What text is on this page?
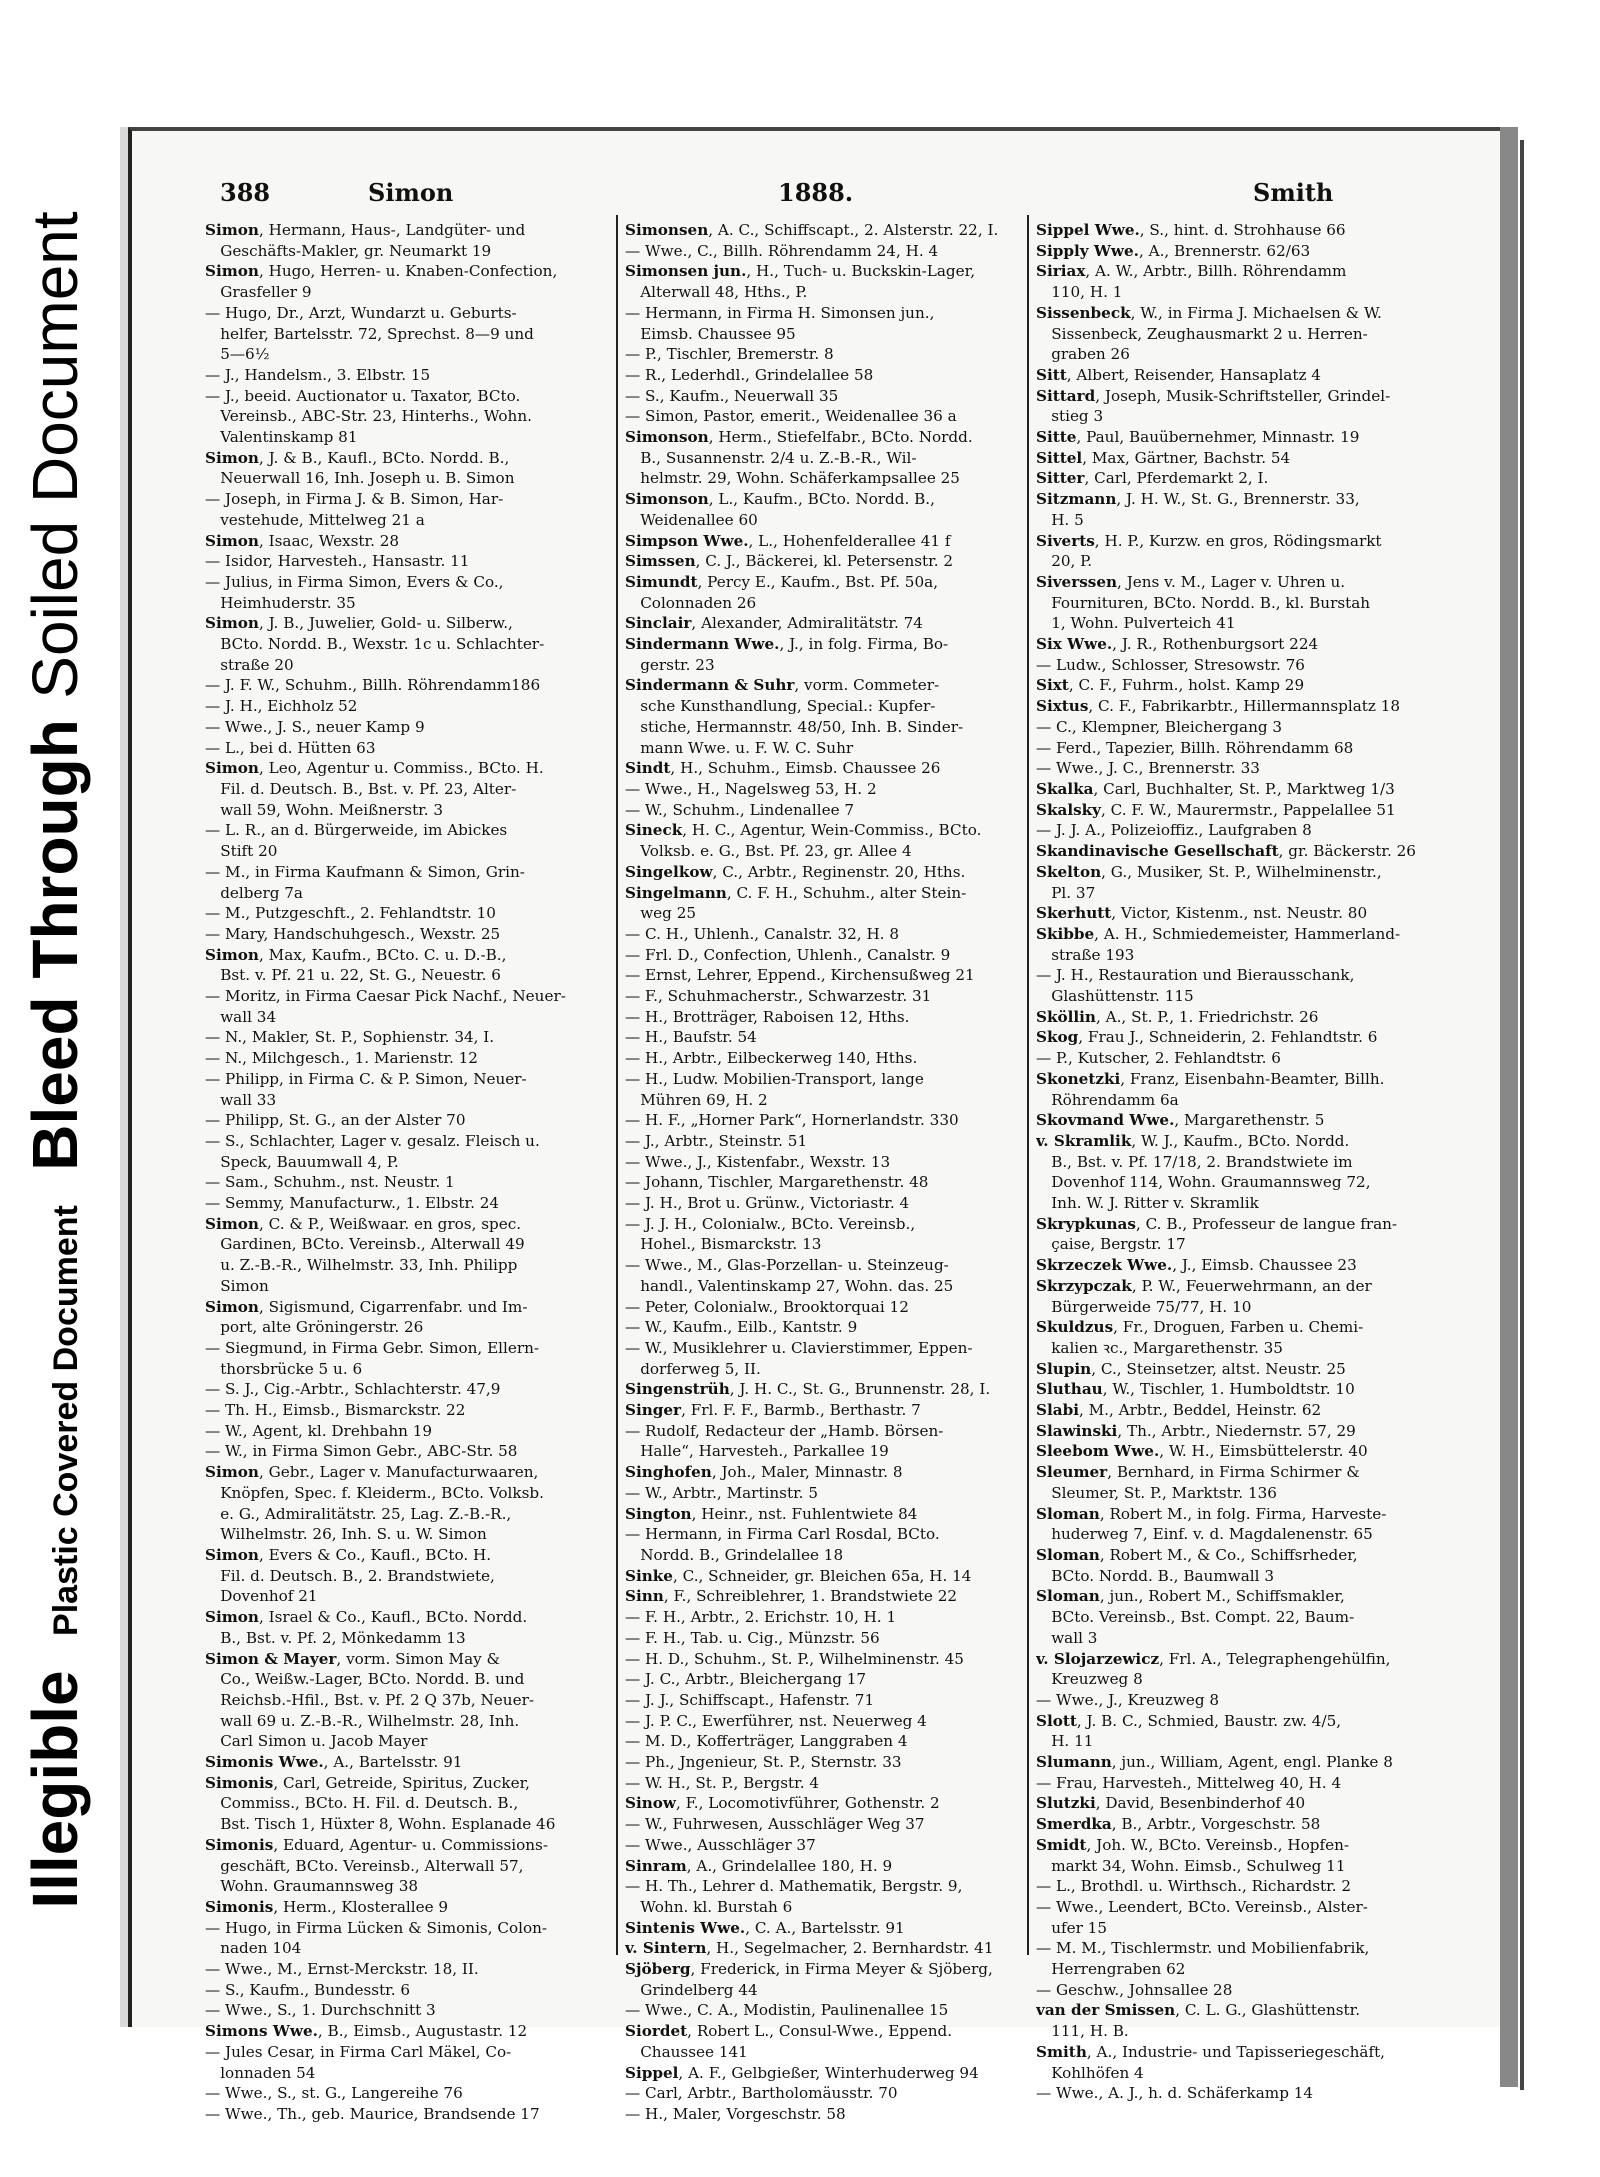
Illegible Plastic Covered Document Bleed Through Soiled Document
388	Simon	1888.	Smith
Simon, Hermann, Haus-, Landgüter- und
 Geschäfts-Makler, gr. Neumarkt 19
Simon, Hugo, Herren- u. Knaben-Confection,
 Grasfeller 9
— Hugo, Dr., Arzt, Wundarzt u. Geburts-
 helfer, Bartelsstr. 72, Sprechst. 8—9 und
 5—6½
— J., Handelsm., 3. Elbstr. 15
— J., beeid. Auctionator u. Taxator, BCto.
 Vereinsb., ABC-Str. 23, Hinterhs., Wohn.
 Valentinskamp 81
Simon, J. & B., Kaufl., BCto. Nordd. B.,
 Neuerwall 16, Inh. Joseph u. B. Simon
— Joseph, in Firma J. & B. Simon, Har-
 vestehude, Mittelweg 21 a
Simon, Isaac, Wexstr. 28
— Isidor, Harvesteh., Hansastr. 11
— Julius, in Firma Simon, Evers & Co.,
 Heimhuderstr. 35
Simon, J. B., Juwelier, Gold- u. Silberw.,
 BCto. Nordd. B., Wexstr. 1c u. Schlachter-
 straße 20
— J. F. W., Schuhm., Billh. Röhrendamm186
— J. H., Eichholz 52
— Wwe., J. S., neuer Kamp 9
— L., bei d. Hütten 63
Simon, Leo, Agentur u. Commiss., BCto. H.
 Fil. d. Deutsch. B., Bst. v. Pf. 23, Alter-
 wall 59, Wohn. Meißnerstr. 3
— L. R., an d. Bürgerweide, im Abickes
 Stift 20
— M., in Firma Kaufmann & Simon, Grin-
 delberg 7a
— M., Putzgeschft., 2. Fehlandtstr. 10
— Mary, Handschuhgesch., Wexstr. 25
Simon, Max, Kaufm., BCto. C. u. D.-B.,
 Bst. v. Pf. 21 u. 22, St. G., Neuestr. 6
— Moritz, in Firma Caesar Pick Nachf., Neuer-
 wall 34
— N., Makler, St. P., Sophienstr. 34, I.
— N., Milchgesch., 1. Marienstr. 12
— Philipp, in Firma C. & P. Simon, Neuer-
 wall 33
— Philipp, St. G., an der Alster 70
— S., Schlachter, Lager v. gesalz. Fleisch u.
 Speck, Bauumwall 4, P.
— Sam., Schuhm., nst. Neustr. 1
— Semmy, Manufacturw., 1. Elbstr. 24
Simon, C. & P., Weißwaar. en gros, spec.
 Gardinen, BCto. Vereinsb., Alterwall 49
 u. Z.-B.-R., Wilhelmstr. 33, Inh. Philipp
 Simon
Simon, Sigismund, Cigarrenfabr. und Im-
 port, alte Gröningerstr. 26
— Siegmund, in Firma Gebr. Simon, Ellern-
 thorsbrücke 5 u. 6
— S. J., Cig.-Arbtr., Schlachterstr. 47,9
— Th. H., Eimsb., Bismarckstr. 22
— W., Agent, kl. Drehbahn 19
— W., in Firma Simon Gebr., ABC-Str. 58
Simon, Gebr., Lager v. Manufacturwaaren,
 Knöpfen, Spec. f. Kleiderm., BCto. Volksb.
 e. G., Admiralitätstr. 25, Lag. Z.-B.-R.,
 Wilhelmstr. 26, Inh. S. u. W. Simon
Simon, Evers & Co., Kaufl., BCto. H.
 Fil. d. Deutsch. B., 2. Brandstwiete,
 Dovenhof 21
Simon, Israel & Co., Kaufl., BCto. Nordd.
 B., Bst. v. Pf. 2, Mönkedamm 13
Simon & Mayer, vorm. Simon May &
 Co., Weißw.-Lager, BCto. Nordd. B. und
 Reichsb.-Hfil., Bst. v. Pf. 2 Q 37b, Neuer-
 wall 69 u. Z.-B.-R., Wilhelmstr. 28, Inh.
 Carl Simon u. Jacob Mayer
Simonis Wwe., A., Bartelsstr. 91
Simonis, Carl, Getreide, Spiritus, Zucker,
 Commiss., BCto. H. Fil. d. Deutsch. B.,
 Bst. Tisch 1, Hüxter 8, Wohn. Esplanade 46
Simonis, Eduard, Agentur- u. Commissions-
 geschäft, BCto. Vereinsb., Alterwall 57,
 Wohn. Graumannsweg 38
Simonis, Herm., Klosterallee 9
— Hugo, in Firma Lücken & Simonis, Colon-
 naden 104
— Wwe., M., Ernst-Merckstr. 18, II.
— S., Kaufm., Bundesstr. 6
— Wwe., S., 1. Durchschnitt 3
Simons Wwe., B., Eimsb., Augustastr. 12
— Jules Cesar, in Firma Carl Mäkel, Co-
 lonnaden 54
— Wwe., S., st. G., Langereihe 76
— Wwe., Th., geb. Maurice, Brandsende 17
Simonsen, A. C., Schiffscapt., 2. Alsterstr. 22, I.
— Wwe., C., Billh. Röhrendamm 24, H. 4
Simonsen jun., H., Tuch- u. Buckskin-Lager,
 Alterwall 48, Hths., P.
— Hermann, in Firma H. Simonsen jun.,
 Eimsb. Chaussee 95
— P., Tischler, Bremerstr. 8
— R., Lederhdl., Grindelallee 58
— S., Kaufm., Neuerwall 35
— Simon, Pastor, emerit., Weidenallee 36 a
Simonson, Herm., Stiefelfabr., BCto. Nordd.
 B., Susannenstr. 2/4 u. Z.-B.-R., Wil-
 helmstr. 29, Wohn. Schäferkampsallee 25
Simonson, L., Kaufm., BCto. Nordd. B.,
 Weidenallee 60
Simpson Wwe., L., Hohenfelderallee 41 f
Simssen, C. J., Bäckerei, kl. Petersenstr. 2
Simundt, Percy E., Kaufm., Bst. Pf. 50a,
 Colonnaden 26
Sinclair, Alexander, Admiralitätstr. 74
Sindermann Wwe., J., in folg. Firma, Bo-
 gerstr. 23
Sindermann & Suhr, vorm. Commeter-
 sche Kunsthandlung, Special.: Kupfer-
 stiche, Hermannstr. 48/50, Inh. B. Sinder-
 mann Wwe. u. F. W. C. Suhr
Sindt, H., Schuhm., Eimsb. Chaussee 26
— Wwe., H., Nagelsweg 53, H. 2
— W., Schuhm., Lindenallee 7
Sineck, H. C., Agentur, Wein-Commiss., BCto.
 Volksb. e. G., Bst. Pf. 23, gr. Allee 4
Singelkow, C., Arbtr., Reginenstr. 20, Hths.
Singelmann, C. F. H., Schuhm., alter Stein-
 weg 25
— C. H., Uhlenh., Canalstr. 32, H. 8
— Frl. D., Confection, Uhlenh., Canalstr. 9
— Ernst, Lehrer, Eppend., Kirchensußweg 21
— F., Schuhmacherstr., Schwarzestr. 31
— H., Brotträger, Raboisen 12, Hths.
— H., Baufstr. 54
— H., Arbtr., Eilbeckerweg 140, Hths.
— H., Ludw. Mobilien-Transport, lange
 Mühren 69, H. 2
— H. F., „Horner Park“, Hornerlandstr. 330
— J., Arbtr., Steinstr. 51
— Wwe., J., Kistenfabr., Wexstr. 13
— Johann, Tischler, Margarethenstr. 48
— J. H., Brot u. Grünw., Victoriastr. 4
— J. J. H., Colonialw., BCto. Vereinsb.,
 Hohel., Bismarckstr. 13
— Wwe., M., Glas-Porzellan- u. Steinzeug-
 handl., Valentinskamp 27, Wohn. das. 25
— Peter, Colonialw., Brooktorquai 12
— W., Kaufm., Eilb., Kantstr. 9
— W., Musiklehrer u. Clavierstimmer, Eppen-
 dorferweg 5, II.
Singenstrüh, J. H. C., St. G., Brunnenstr. 28, I.
Singer, Frl. F. F., Barmb., Berthastr. 7
— Rudolf, Redacteur der „Hamb. Börsen-
 Halle“, Harvesteh., Parkallee 19
Singhofen, Joh., Maler, Minnastr. 8
— W., Arbtr., Martinstr. 5
Sington, Heinr., nst. Fuhlentwiete 84
— Hermann, in Firma Carl Rosdal, BCto.
 Nordd. B., Grindelallee 18
Sinke, C., Schneider, gr. Bleichen 65a, H. 14
Sinn, F., Schreiblehrer, 1. Brandstwiete 22
— F. H., Arbtr., 2. Erichstr. 10, H. 1
— F. H., Tab. u. Cig., Münzstr. 56
— H. D., Schuhm., St. P., Wilhelminenstr. 45
— J. C., Arbtr., Bleichergang 17
— J. J., Schiffscapt., Hafenstr. 71
— J. P. C., Ewerführer, nst. Neuerweg 4
— M. D., Kofferträger, Langgraben 4
— Ph., Jngenieur, St. P., Sternstr. 33
— W. H., St. P., Bergstr. 4
Sinow, F., Locomotivführer, Gothenstr. 2
— W., Fuhrwesen, Ausschläger Weg 37
— Wwe., Ausschläger 37
Sinram, A., Grindelallee 180, H. 9
— H. Th., Lehrer d. Mathematik, Bergstr. 9,
 Wohn. kl. Burstah 6
Sintenis Wwe., C. A., Bartelsstr. 91
v. Sintern, H., Segelmacher, 2. Bernhardstr. 41
Sjöberg, Frederick, in Firma Meyer & Sjöberg,
 Grindelberg 44
— Wwe., C. A., Modistin, Paulinenallee 15
Siordet, Robert L., Consul-Wwe., Eppend.
 Chaussee 141
Sippel, A. F., Gelbgießer, Winterhuderweg 94
— Carl, Arbtr., Bartholomäusstr. 70
— H., Maler, Vorgeschstr. 58
Sippel Wwe., S., hint. d. Strohhause 66
Sipply Wwe., A., Brennerstr. 62/63
Siriax, A. W., Arbtr., Billh. Röhrendamm
 110, H. 1
Sissenbeck, W., in Firma J. Michaelsen & W.
 Sissenbeck, Zeughausmarkt 2 u. Herren-
 graben 26
Sitt, Albert, Reisender, Hansaplatz 4
Sittard, Joseph, Musik-Schriftsteller, Grindel-
 stieg 3
Sitte, Paul, Bauübernehmer, Minnastr. 19
Sittel, Max, Gärtner, Bachstr. 54
Sitter, Carl, Pferdemarkt 2, I.
Sitzmann, J. H. W., St. G., Brennerstr. 33,
 H. 5
Siverts, H. P., Kurzw. en gros, Rödingsmarkt
 20, P.
Siverssen, Jens v. M., Lager v. Uhren u.
 Fournituren, BCto. Nordd. B., kl. Burstah
 1, Wohn. Pulverteich 41
Six Wwe., J. R., Rothenburgsort 224
— Ludw., Schlosser, Stresowstr. 76
Sixt, C. F., Fuhrm., holst. Kamp 29
Sixtus, C. F., Fabrikarbtr., Hillermannsplatz 18
— C., Klempner, Bleichergang 3
— Ferd., Tapezier, Billh. Röhrendamm 68
— Wwe., J. C., Brennerstr. 33
Skalka, Carl, Buchhalter, St. P., Marktweg 1/3
Skalsky, C. F. W., Maurermstr., Pappelallee 51
— J. J. A., Polizeioffiz., Laufgraben 8
Skandinavische Gesellschaft, gr. Bäckerstr. 26
Skelton, G., Musiker, St. P., Wilhelminenstr.,
 Pl. 37
Skerhutt, Victor, Kistenm., nst. Neustr. 80
Skibbe, A. H., Schmiedemeister, Hammerland-
 straße 193
— J. H., Restauration und Bierausschank,
 Glashüttenstr. 115
Sköllin, A., St. P., 1. Friedrichstr. 26
Skog, Frau J., Schneiderin, 2. Fehlandtstr. 6
— P., Kutscher, 2. Fehlandtstr. 6
Skonetzki, Franz, Eisenbahn-Beamter, Billh.
 Röhrendamm 6a
Skovmand Wwe., Margarethenstr. 5
v. Skramlik, W. J., Kaufm., BCto. Nordd.
 B., Bst. v. Pf. 17/18, 2. Brandstwiete im
 Dovenhof 114, Wohn. Graumannsweg 72,
 Inh. W. J. Ritter v. Skramlik
Skrypkunas, C. B., Professeur de langue fran-
 çaise, Bergstr. 17
Skrzeczek Wwe., J., Eimsb. Chaussee 23
Skrzypczak, P. W., Feuerwehrmann, an der
 Bürgerweide 75/77, H. 10
Skuldzus, Fr., Droguen, Farben u. Chemi-
 kalien ꝛc., Margarethenstr. 35
Slupin, C., Steinsetzer, altst. Neustr. 25
Sluthau, W., Tischler, 1. Humboldtstr. 10
Slabi, M., Arbtr., Beddel, Heinstr. 62
Slawinski, Th., Arbtr., Niedernstr. 57, 29
Sleebom Wwe., W. H., Eimsbüttelerstr. 40
Sleumer, Bernhard, in Firma Schirmer &
 Sleumer, St. P., Marktstr. 136
Sloman, Robert M., in folg. Firma, Harveste-
 huderweg 7, Einf. v. d. Magdalenenstr. 65
Sloman, Robert M., & Co., Schiffsrheder,
 BCto. Nordd. B., Baumwall 3
Sloman, jun., Robert M., Schiffsmakler,
 BCto. Vereinsb., Bst. Compt. 22, Baum-
 wall 3
v. Slojarzewicz, Frl. A., Telegraphengehülfin,
 Kreuzweg 8
— Wwe., J., Kreuzweg 8
Slott, J. B. C., Schmied, Baustr. zw. 4/5,
 H. 11
Slumann, jun., William, Agent, engl. Planke 8
— Frau, Harvesteh., Mittelweg 40, H. 4
Slutzki, David, Besenbinderhof 40
Smerdka, B., Arbtr., Vorgeschstr. 58
Smidt, Joh. W., BCto. Vereinsb., Hopfen-
 markt 34, Wohn. Eimsb., Schulweg 11
— L., Brothdl. u. Wirthsch., Richardstr. 2
— Wwe., Leendert, BCto. Vereinsb., Alster-
 ufer 15
— M. M., Tischlermstr. und Mobilienfabrik,
 Herrengraben 62
— Geschw., Johnsallee 28
van der Smissen, C. L. G., Glashüttenstr.
 111, H. B.
Smith, A., Industrie- und Tapisseriegeschäft,
 Kohlhöfen 4
— Wwe., A. J., h. d. Schäferkamp 14
